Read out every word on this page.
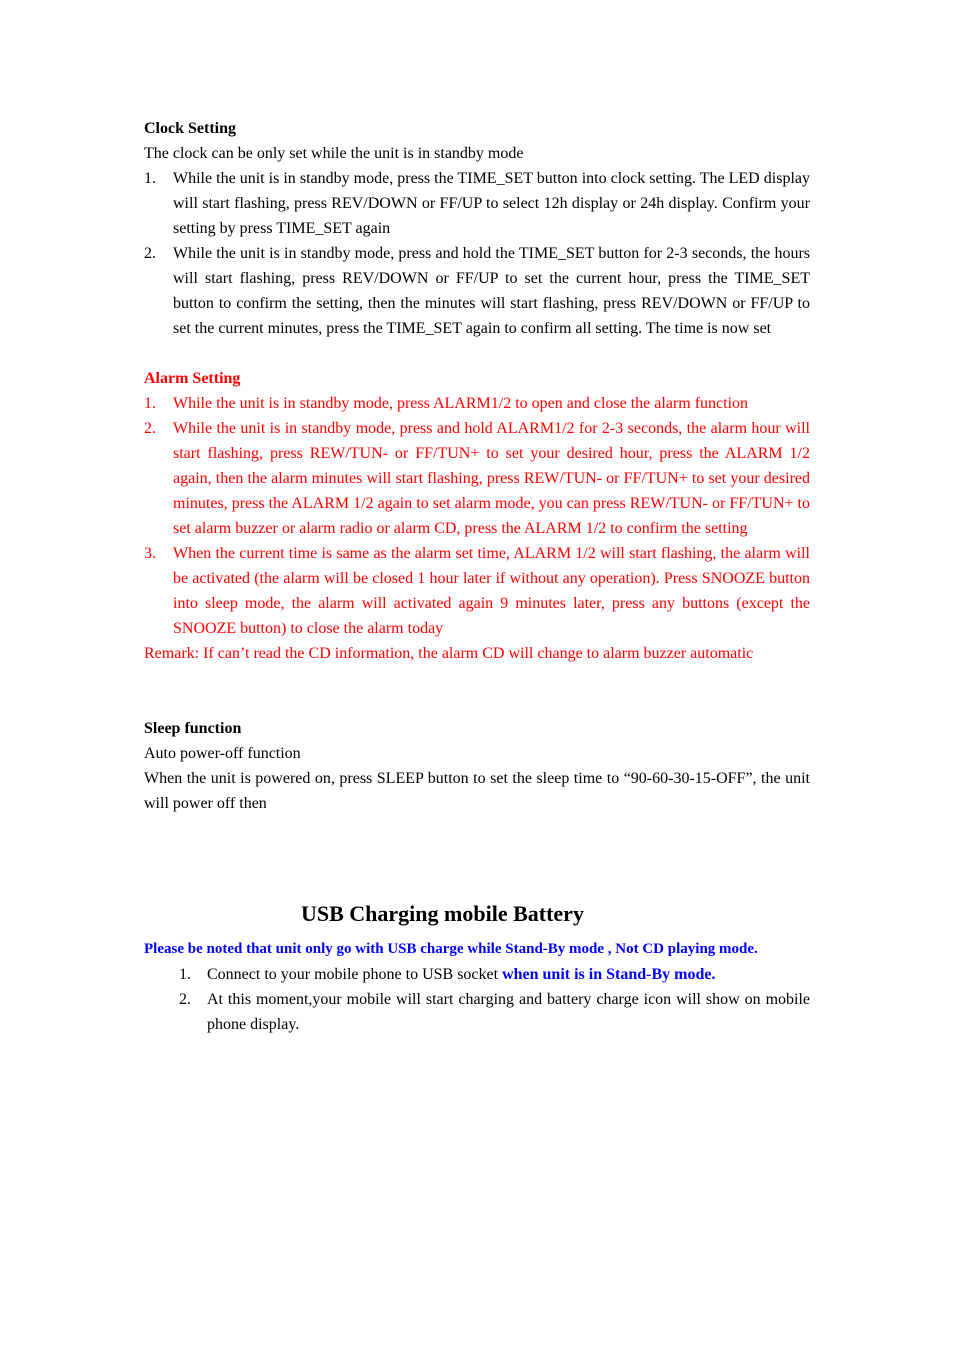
Clock Setting
The clock can be only set while the unit is in standby mode
1. While the unit is in standby mode, press the TIME_SET button into clock setting. The LED display will start flashing, press REV/DOWN or FF/UP to select 12h display or 24h display. Confirm your setting by press TIME_SET again
2. While the unit is in standby mode, press and hold the TIME_SET button for 2-3 seconds, the hours will start flashing, press REV/DOWN or FF/UP to set the current hour, press the TIME_SET button to confirm the setting, then the minutes will start flashing, press REV/DOWN or FF/UP to set the current minutes, press the TIME_SET again to confirm all setting. The time is now set
Alarm Setting
1. While the unit is in standby mode, press ALARM1/2 to open and close the alarm function
2. While the unit is in standby mode, press and hold ALARM1/2 for 2-3 seconds, the alarm hour will start flashing, press REW/TUN- or FF/TUN+ to set your desired hour, press the ALARM 1/2 again, then the alarm minutes will start flashing, press REW/TUN- or FF/TUN+ to set your desired minutes, press the ALARM 1/2 again to set alarm mode, you can press REW/TUN- or FF/TUN+ to set alarm buzzer or alarm radio or alarm CD, press the ALARM 1/2 to confirm the setting
3. When the current time is same as the alarm set time, ALARM 1/2 will start flashing, the alarm will be activated (the alarm will be closed 1 hour later if without any operation). Press SNOOZE button into sleep mode, the alarm will activated again 9 minutes later, press any buttons (except the SNOOZE button) to close the alarm today
Remark: If can’t read the CD information, the alarm CD will change to alarm buzzer automatic
Sleep function
Auto power-off function
When the unit is powered on, press SLEEP button to set the sleep time to “90-60-30-15-OFF”, the unit will power off then
USB Charging mobile Battery
Please be noted that unit only go with USB charge while Stand-By mode , Not CD playing mode.
1. Connect to your mobile phone to USB socket when unit is in Stand-By mode.
2. At this moment,your mobile will start charging and battery charge icon will show on mobile phone display.
